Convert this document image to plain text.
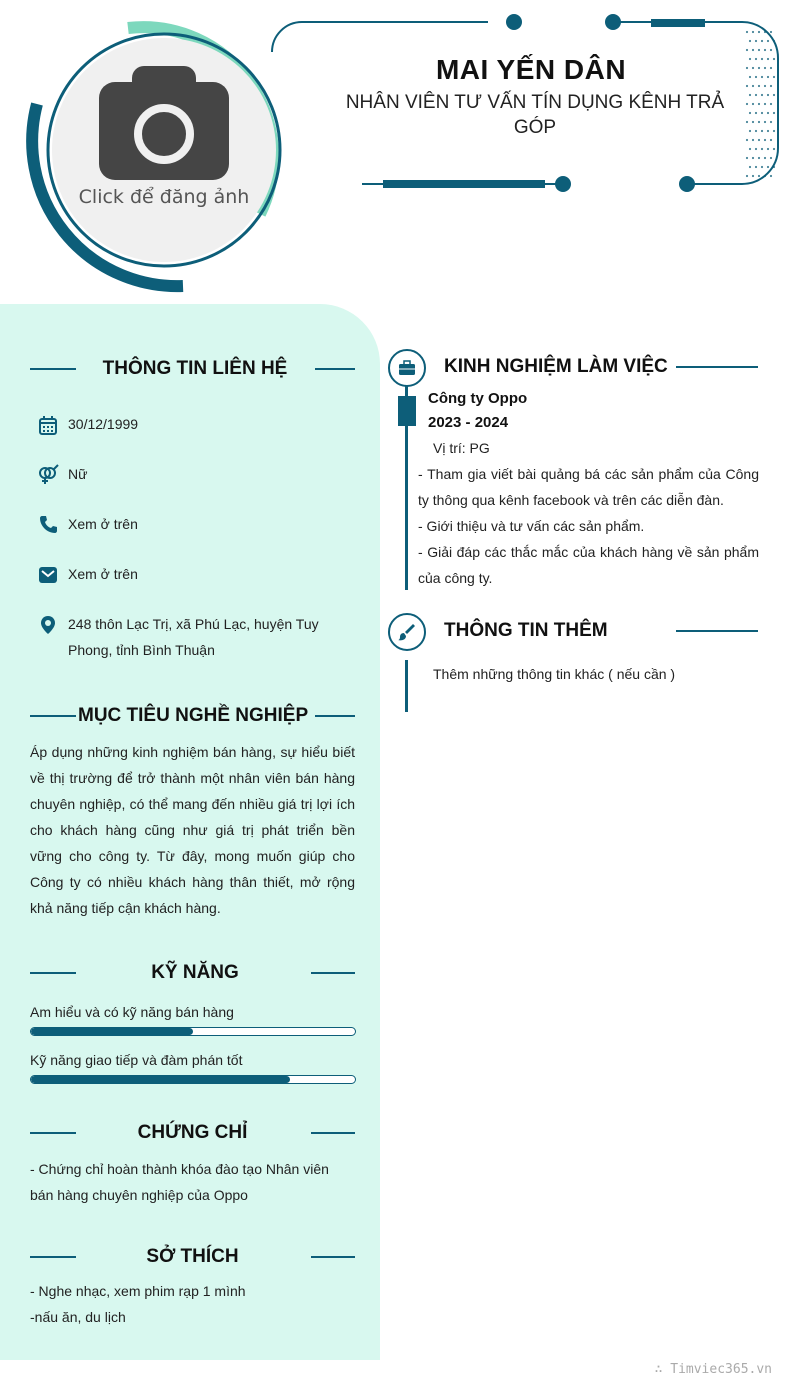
Click để đăng ảnh
MAI YẾN DÂN
NHÂN VIÊN TƯ VẤN TÍN DỤNG KÊNH TRẢ GÓP
THÔNG TIN LIÊN HỆ
30/12/1999
Nữ
Xem ở trên
Xem ở trên
248 thôn Lạc Trị, xã Phú Lạc, huyện Tuy Phong, tỉnh Bình Thuận
MỤC TIÊU NGHỀ NGHIỆP
Áp dụng những kinh nghiệm bán hàng, sự hiểu biết về thị trường để trở thành một nhân viên bán hàng chuyên nghiệp, có thể mang đến nhiều giá trị lợi ích cho khách hàng cũng như giá trị phát triển bền vững cho công ty. Từ đây, mong muốn giúp cho Công ty có nhiều khách hàng thân thiết, mở rộng khả năng tiếp cận khách hàng.
KỸ NĂNG
Am hiểu và có kỹ năng bán hàng
Kỹ năng giao tiếp và đàm phán tốt
CHỨNG CHỈ
- Chứng chỉ hoàn thành khóa đào tạo Nhân viên bán hàng chuyên nghiệp của Oppo
SỞ THÍCH
- Nghe nhạc, xem phim rạp 1 mình
-nấu ăn, du lịch
KINH NGHIỆM LÀM VIỆC
Công ty Oppo
2023 - 2024
Vị trí: PG
- Tham gia viết bài quảng bá các sản phẩm của Công ty thông qua kênh facebook và trên các diễn đàn.
- Giới thiệu và tư vấn các sản phẩm.
- Giải đáp các thắc mắc của khách hàng về sản phẩm của công ty.
THÔNG TIN THÊM
Thêm những thông tin khác ( nếu cần )
∴ Timviec365.vn
